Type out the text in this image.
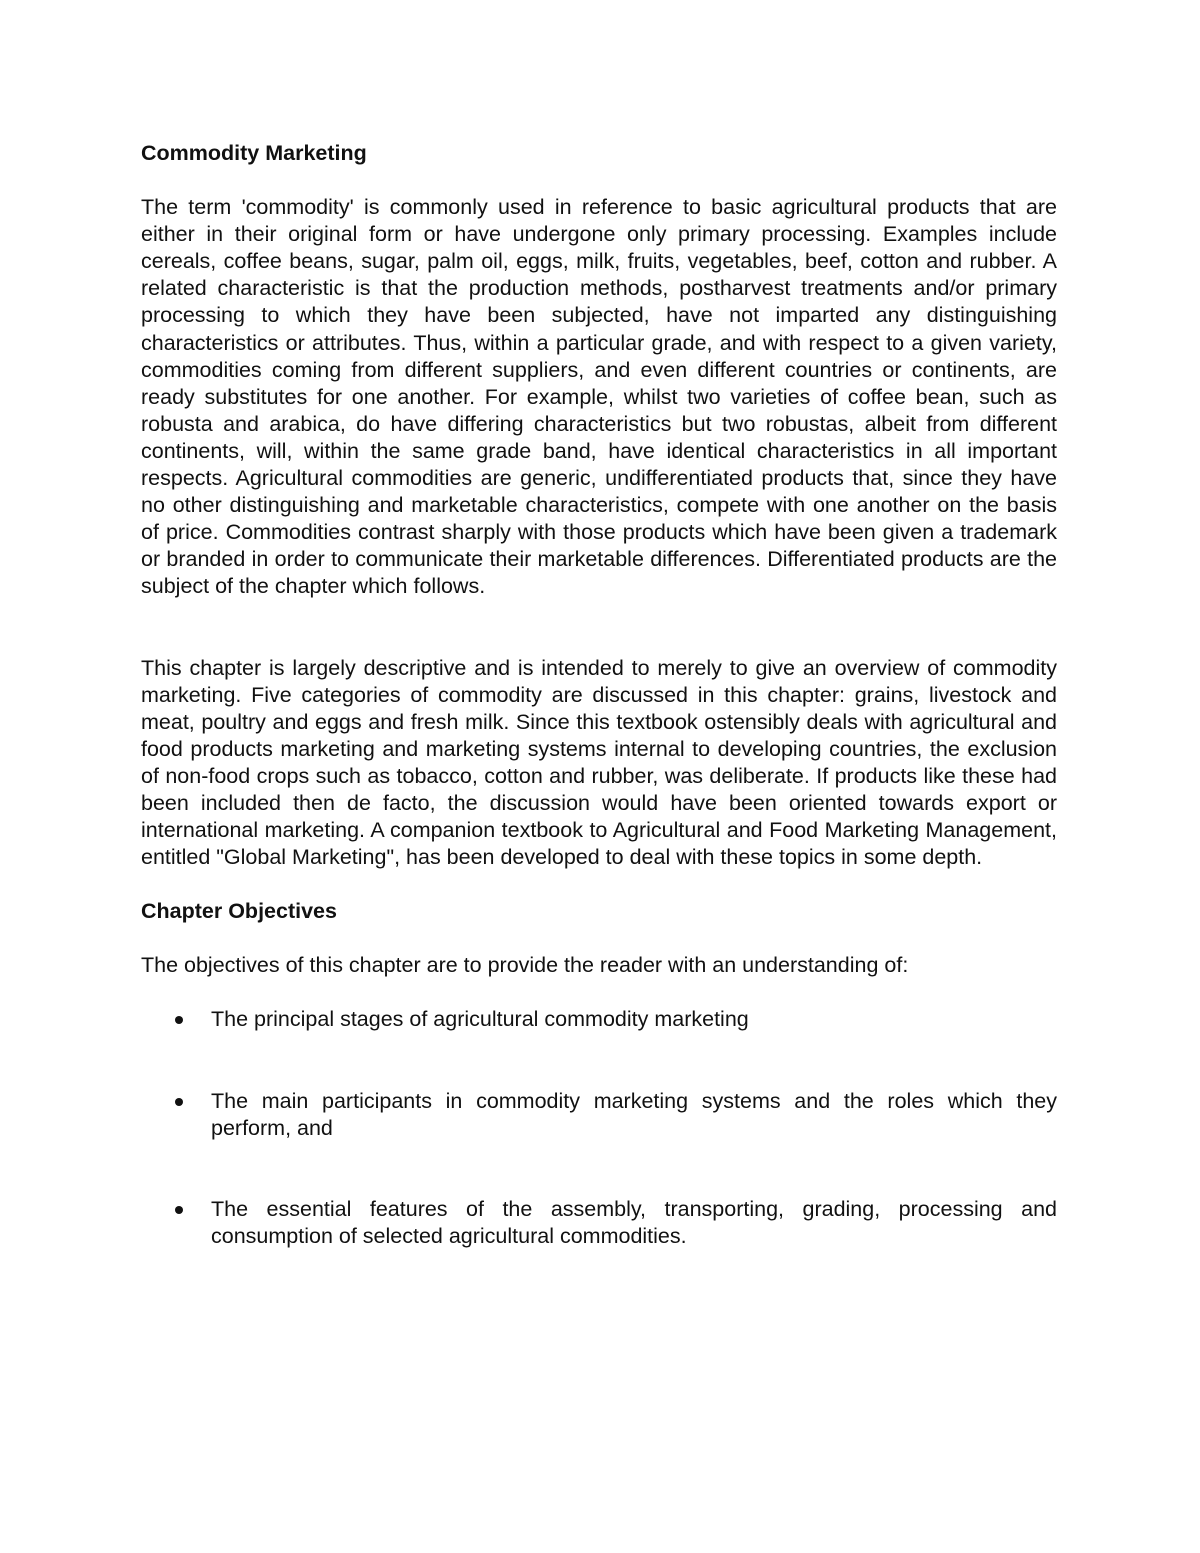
Commodity Marketing

The term 'commodity' is commonly used in reference to basic agricultural products that are either in their original form or have undergone only primary processing. Examples include cereals, coffee beans, sugar, palm oil, eggs, milk, fruits, vegetables, beef, cotton and rubber. A related characteristic is that the production methods, postharvest treatments and/or primary processing to which they have been subjected, have not imparted any distinguishing characteristics or attributes. Thus, within a particular grade, and with respect to a given variety, commodities coming from different suppliers, and even different countries or continents, are ready substitutes for one another. For example, whilst two varieties of coffee bean, such as robusta and arabica, do have differing characteristics but two robustas, albeit from different continents, will, within the same grade band, have identical characteristics in all important respects. Agricultural commodities are generic, undifferentiated products that, since they have no other distinguishing and marketable characteristics, compete with one another on the basis of price. Commodities contrast sharply with those products which have been given a trademark or branded in order to communicate their marketable differences. Differentiated products are the subject of the chapter which follows.

This chapter is largely descriptive and is intended to merely to give an overview of commodity marketing. Five categories of commodity are discussed in this chapter: grains, livestock and meat, poultry and eggs and fresh milk. Since this textbook ostensibly deals with agricultural and food products marketing and marketing systems internal to developing countries, the exclusion of non-food crops such as tobacco, cotton and rubber, was deliberate. If products like these had been included then de facto, the discussion would have been oriented towards export or international marketing. A companion textbook to Agricultural and Food Marketing Management, entitled "Global Marketing", has been developed to deal with these topics in some depth.

Chapter Objectives

The objectives of this chapter are to provide the reader with an understanding of:

The principal stages of agricultural commodity marketing
The main participants in commodity marketing systems and the roles which they perform, and
The essential features of the assembly, transporting, grading, processing and consumption of selected agricultural commodities.
